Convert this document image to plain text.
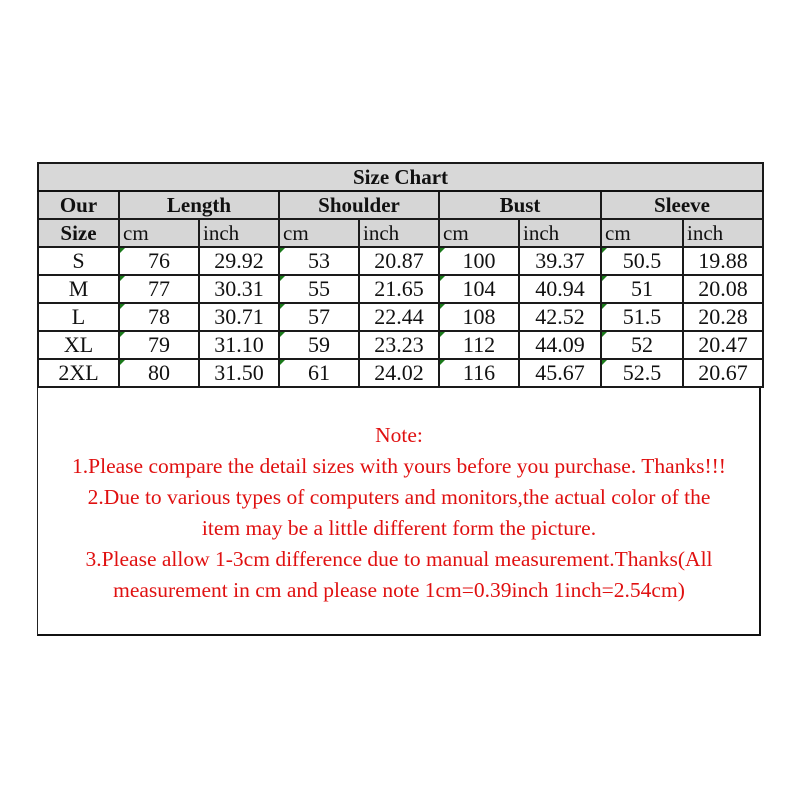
Size Chart								
Our	Length		Shoulder		Bust		Sleeve	
Size	cm	inch	cm	inch	cm	inch	cm	inch
S	76	29.92	53	20.87	100	39.37	50.5	19.88
M	77	30.31	55	21.65	104	40.94	51	20.08
L	78	30.71	57	22.44	108	42.52	51.5	20.28
XL	79	31.10	59	23.23	112	44.09	52	20.47
2XL	80	31.50	61	24.02	116	45.67	52.5	20.67
Note:
1.Please compare the detail sizes with yours before you purchase. Thanks!!!
2.Due to various types of computers and monitors,the actual color of the
item may be a little different form the picture.
3.Please allow 1-3cm difference due to manual measurement.Thanks(All
measurement in cm and please note 1cm=0.39inch 1inch=2.54cm)
